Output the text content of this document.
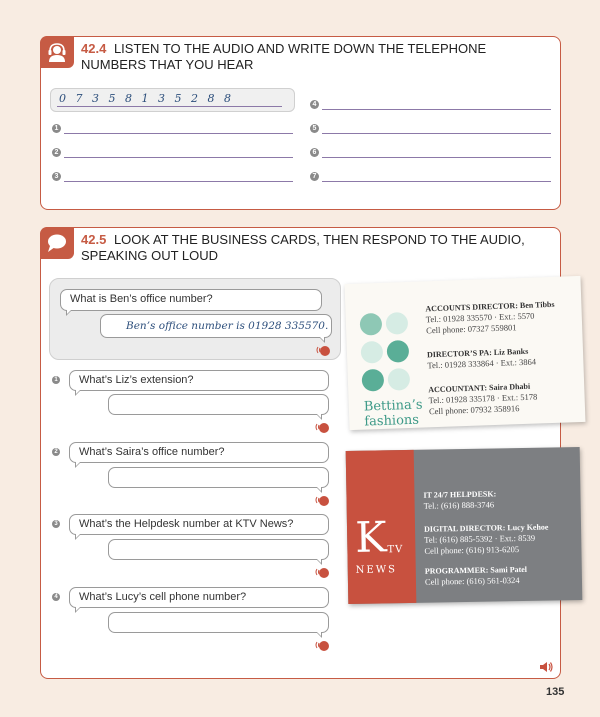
42.4 LISTEN TO THE AUDIO AND WRITE DOWN THE TELEPHONE NUMBERS THAT YOU HEAR
0 7 3 5 8 1 3 5 2 8 8
1
2
3
4
5
6
7
42.5 LOOK AT THE BUSINESS CARDS, THEN RESPOND TO THE AUDIO, SPEAKING OUT LOUD
What is Ben’s office number?
Ben’s office number is 01928 335570.
1	What’s Liz’s extension?
2	What’s Saira’s office number?
3	What’s the Helpdesk number at KTV News?
4	What’s Lucy’s cell phone number?
Bettina’s
fashions
ACCOUNTS DIRECTOR: Ben Tibbs
Tel.: 01928 335570 · Ext.: 5570
Cell phone: 07327 559801
DIRECTOR’S PA: Liz Banks
Tel.: 01928 333864 · Ext.: 3864
ACCOUNTANT: Saira Dhabi
Tel.: 01928 335178 · Ext.: 5178
Cell phone: 07932 358916
K TV
NEWS
IT 24/7 HELPDESK:
Tel.: (616) 888-3746
DIGITAL DIRECTOR: Lucy Kehoe
Tel: (616) 885-5392 · Ext.: 8539
Cell phone: (616) 913-6205
PROGRAMMER: Sami Patel
Cell phone: (616) 561-0324
135
